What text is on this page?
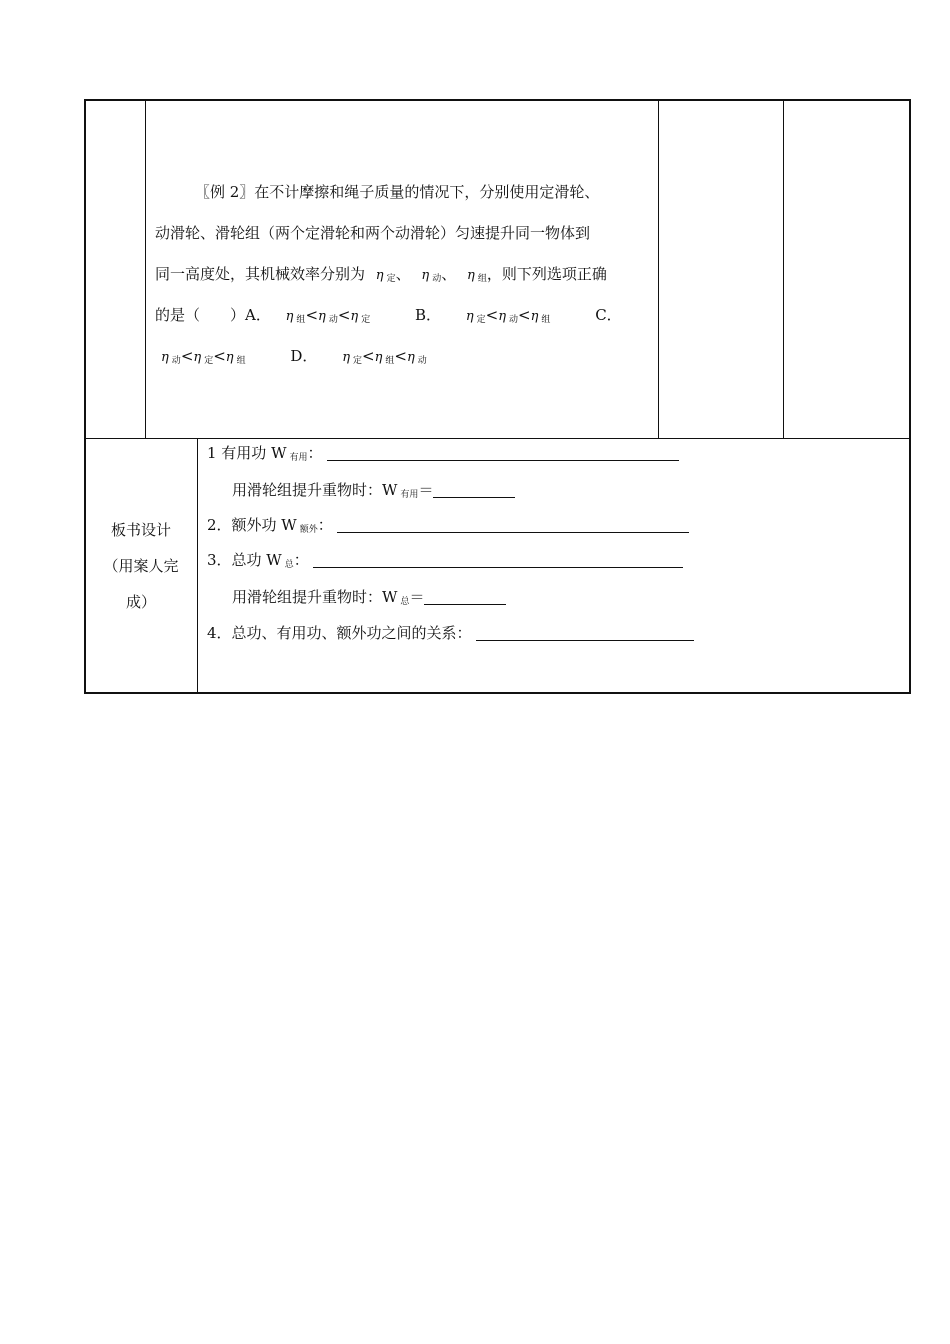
〖例 2〗在不计摩擦和绳子质量的情况下，分别使用定滑轮、
动滑轮、滑轮组（两个定滑轮和两个动滑轮）匀速提升同一物体到
同一高度处，其机械效率分别为 η $_定$、 η $_动$、 η $_组$，则下列选项正确
的是（　　）A． η $_组$<η $_动$<η $_定$	B． η $_定$<η $_动$<η $_组$	C．
η $_动$<η $_定$<η $_组$	D． η $_定$<η $_组$<η $_动$
板书设计
（用案人完
成）
1 有用功 W $_{有用}$：
用滑轮组提升重物时：W $_{有用}$＝
2．额外功 W $_{额外}$：
3．总功 W $_总$：
用滑轮组提升重物时：W $_总$＝
4．总功、有用功、额外功之间的关系：
